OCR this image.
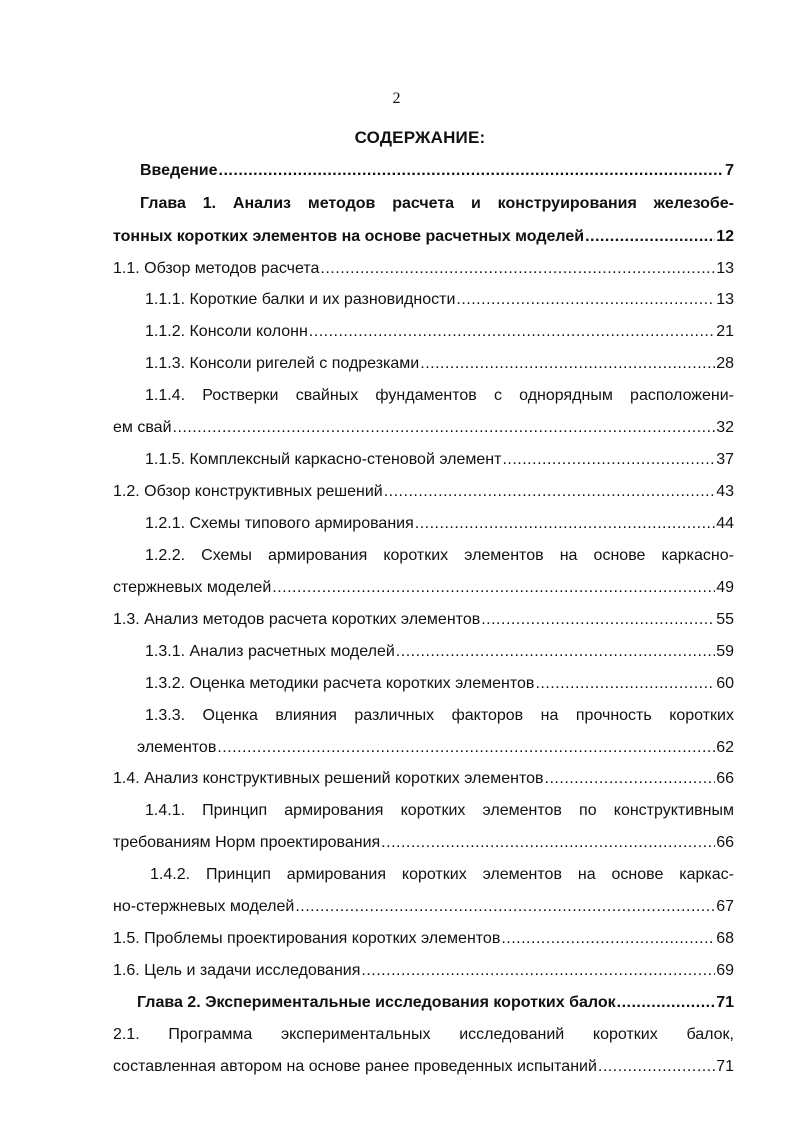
2
СОДЕРЖАНИЕ:
Введение .....	7
Глава 1. Анализ методов расчета и конструирования железобе-
тонных коротких элементов на основе расчетных моделей .....	12
1.1. Обзор методов расчета .....	13
1.1.1. Короткие балки и их разновидности .....	13
1.1.2. Консоли колонн .....	21
1.1.3. Консоли ригелей с подрезками .....	28
1.1.4. Ростверки свайных фундаментов с однорядным расположени-
ем свай .....	32
1.1.5. Комплексный каркасно-стеновой элемент .....	37
1.2. Обзор конструктивных решений .....	43
1.2.1. Схемы типового армирования .....	44
1.2.2. Схемы армирования коротких элементов на основе каркасно-
стержневых моделей .....	49
1.3. Анализ методов расчета коротких элементов .....	55
1.3.1. Анализ расчетных моделей .....	59
1.3.2. Оценка методики расчета коротких элементов .....	60
1.3.3. Оценка влияния различных факторов на прочность коротких
элементов .....	62
1.4. Анализ конструктивных решений коротких элементов .....	66
1.4.1. Принцип армирования коротких элементов по конструктивным
требованиям Норм проектирования .....	66
1.4.2. Принцип армирования коротких элементов на основе каркас-
но-стержневых моделей .....	67
1.5. Проблемы проектирования коротких элементов .....	68
1.6. Цель и задачи исследования .....	69
Глава 2. Экспериментальные исследования коротких балок .....	71
2.1. Программа экспериментальных исследований коротких балок,
составленная автором на основе ранее проведенных испытаний .....	71
